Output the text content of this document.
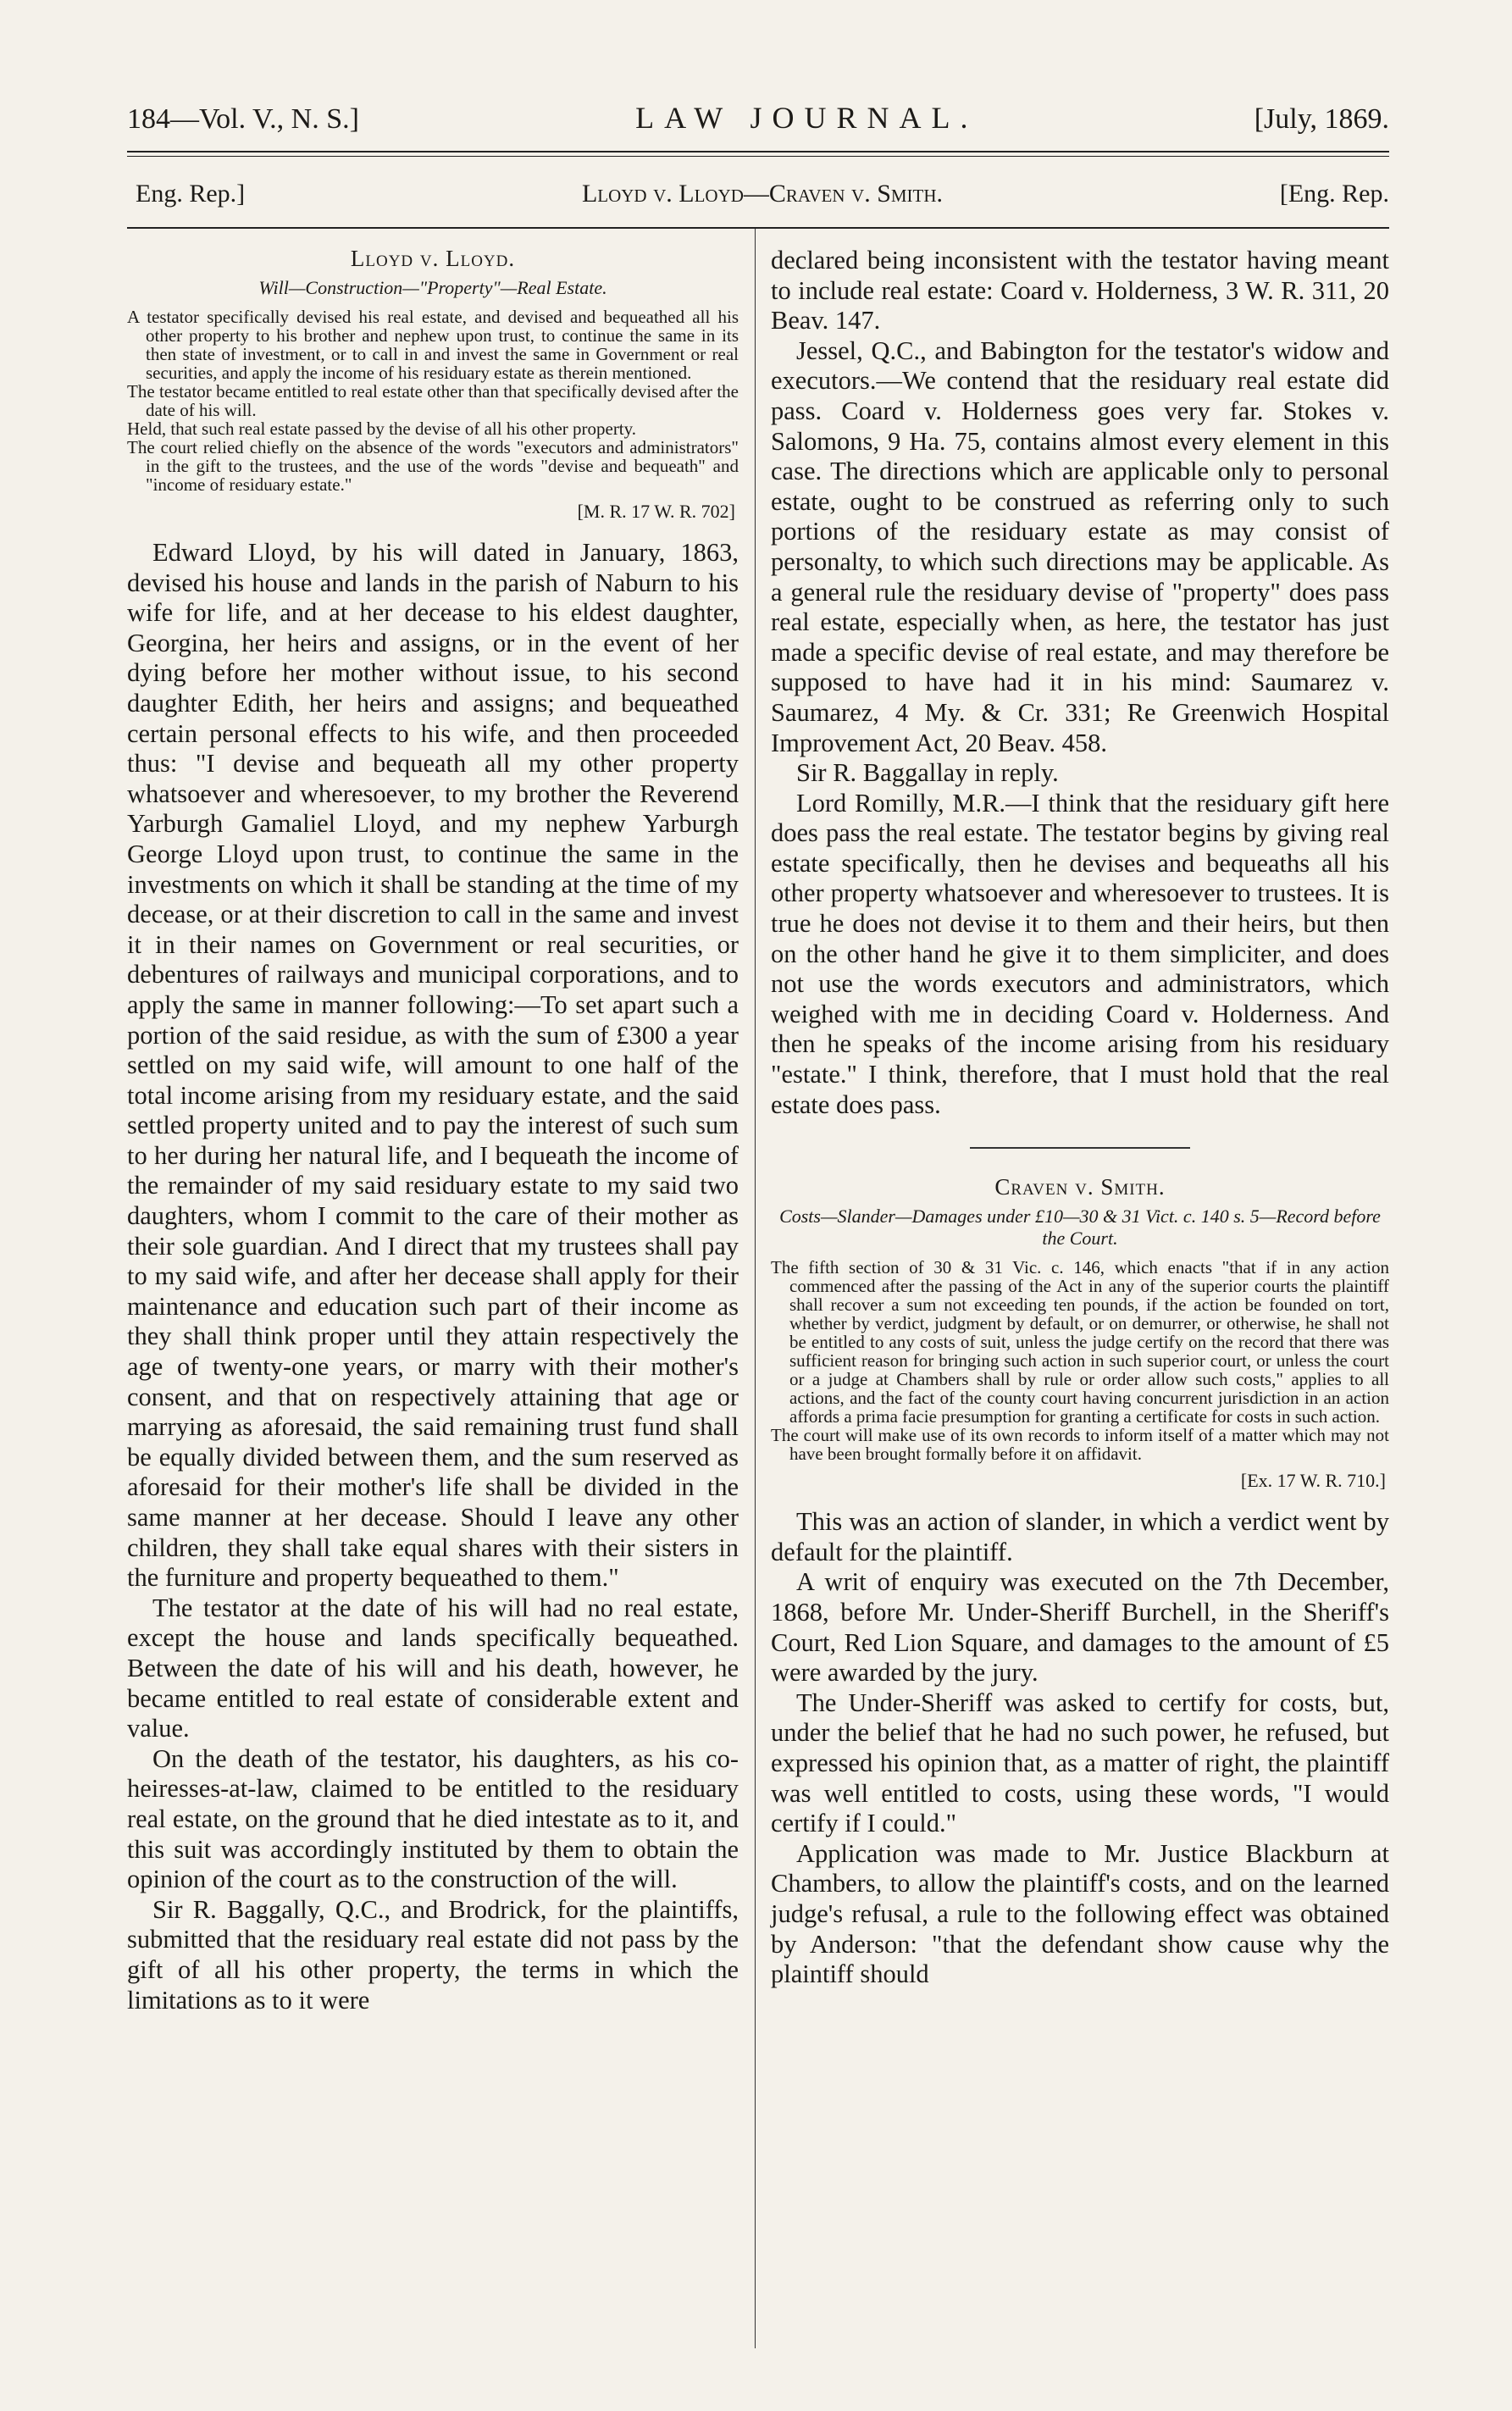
184—Vol. V., N. S.]	LAW JOURNAL.	[July, 1869.
Eng. Rep.]	Lloyd v. Lloyd—Craven v. Smith.	[Eng. Rep.
Lloyd v. Lloyd.
Will—Construction—"Property"—Real Estate.

A testator specifically devised his real estate, and devised and bequeathed all his other property to his brother and nephew upon trust, to continue the same in its then state of investment, or to call in and invest the same in Government or real securities, and apply the income of his residuary estate as therein mentioned.

The testator became entitled to real estate other than that specifically devised after the date of his will.

Held, that such real estate passed by the devise of all his other property.

The court relied chiefly on the absence of the words "executors and administrators" in the gift to the trustees, and the use of the words "devise and bequeath" and "income of residuary estate."

[M. R. 17 W. R. 702]

Edward Lloyd, by his will dated in January, 1863, devised his house and lands in the parish of Naburn to his wife for life, and at her decease to his eldest daughter, Georgina, her heirs and assigns, or in the event of her dying before her mother without issue, to his second daughter Edith, her heirs and assigns; and bequeathed certain personal effects to his wife, and then proceeded thus: "I devise and bequeath all my other property whatsoever and wheresoever, to my brother the Reverend Yarburgh Gamaliel Lloyd, and my nephew Yarburgh George Lloyd upon trust, to continue the same in the investments on which it shall be standing at the time of my decease, or at their discretion to call in the same and invest it in their names on Government or real securities, or debentures of railways and municipal corporations, and to apply the same in manner following:—To set apart such a portion of the said residue, as with the sum of £300 a year settled on my said wife, will amount to one half of the total income arising from my residuary estate, and the said settled property united and to pay the interest of such sum to her during her natural life, and I bequeath the income of the remainder of my said residuary estate to my said two daughters, whom I commit to the care of their mother as their sole guardian. And I direct that my trustees shall pay to my said wife, and after her decease shall apply for their maintenance and education such part of their income as they shall think proper until they attain respectively the age of twenty-one years, or marry with their mother's consent, and that on respectively attaining that age or marrying as aforesaid, the said remaining trust fund shall be equally divided between them, and the sum reserved as aforesaid for their mother's life shall be divided in the same manner at her decease. Should I leave any other children, they shall take equal shares with their sisters in the furniture and property bequeathed to them."

The testator at the date of his will had no real estate, except the house and lands specifically bequeathed. Between the date of his will and his death, however, he became entitled to real estate of considerable extent and value.

On the death of the testator, his daughters, as his co-heiresses-at-law, claimed to be entitled to the residuary real estate, on the ground that he died intestate as to it, and this suit was accordingly instituted by them to obtain the opinion of the court as to the construction of the will.

Sir R. Baggally, Q.C., and Brodrick, for the plaintiffs, submitted that the residuary real estate did not pass by the gift of all his other property, the terms in which the limitations as to it were

declared being inconsistent with the testator having meant to include real estate: Coard v. Holderness, 3 W. R. 311, 20 Beav. 147.

Jessel, Q.C., and Babington for the testator's widow and executors.—We contend that the residuary real estate did pass. Coard v. Holderness goes very far. Stokes v. Salomons, 9 Ha. 75, contains almost every element in this case. The directions which are applicable only to personal estate, ought to be construed as referring only to such portions of the residuary estate as may consist of personalty, to which such directions may be applicable. As a general rule the residuary devise of "property" does pass real estate, especially when, as here, the testator has just made a specific devise of real estate, and may therefore be supposed to have had it in his mind: Saumarez v. Saumarez, 4 My. & Cr. 331; Re Greenwich Hospital Improvement Act, 20 Beav. 458.

Sir R. Baggallay in reply.

Lord Romilly, M.R.—I think that the residuary gift here does pass the real estate. The testator begins by giving real estate specifically, then he devises and bequeaths all his other property whatsoever and wheresoever to trustees. It is true he does not devise it to them and their heirs, but then on the other hand he give it to them simpliciter, and does not use the words executors and administrators, which weighed with me in deciding Coard v. Holderness. And then he speaks of the income arising from his residuary "estate." I think, therefore, that I must hold that the real estate does pass.

Craven v. Smith.
Costs—Slander—Damages under £10—30 & 31 Vict. c. 140 s. 5—Record before the Court.

The fifth section of 30 & 31 Vic. c. 146, which enacts "that if in any action commenced after the passing of the Act in any of the superior courts the plaintiff shall recover a sum not exceeding ten pounds, if the action be founded on tort, whether by verdict, judgment by default, or on demurrer, or otherwise, he shall not be entitled to any costs of suit, unless the judge certify on the record that there was sufficient reason for bringing such action in such superior court, or unless the court or a judge at Chambers shall by rule or order allow such costs," applies to all actions, and the fact of the county court having concurrent jurisdiction in an action affords a prima facie presumption for granting a certificate for costs in such action.

The court will make use of its own records to inform itself of a matter which may not have been brought formally before it on affidavit.

[Ex. 17 W. R. 710.]

This was an action of slander, in which a verdict went by default for the plaintiff.

A writ of enquiry was executed on the 7th December, 1868, before Mr. Under-Sheriff Burchell, in the Sheriff's Court, Red Lion Square, and damages to the amount of £5 were awarded by the jury.

The Under-Sheriff was asked to certify for costs, but, under the belief that he had no such power, he refused, but expressed his opinion that, as a matter of right, the plaintiff was well entitled to costs, using these words, "I would certify if I could."

Application was made to Mr. Justice Blackburn at Chambers, to allow the plaintiff's costs, and on the learned judge's refusal, a rule to the following effect was obtained by Anderson: "that the defendant show cause why the plaintiff should
